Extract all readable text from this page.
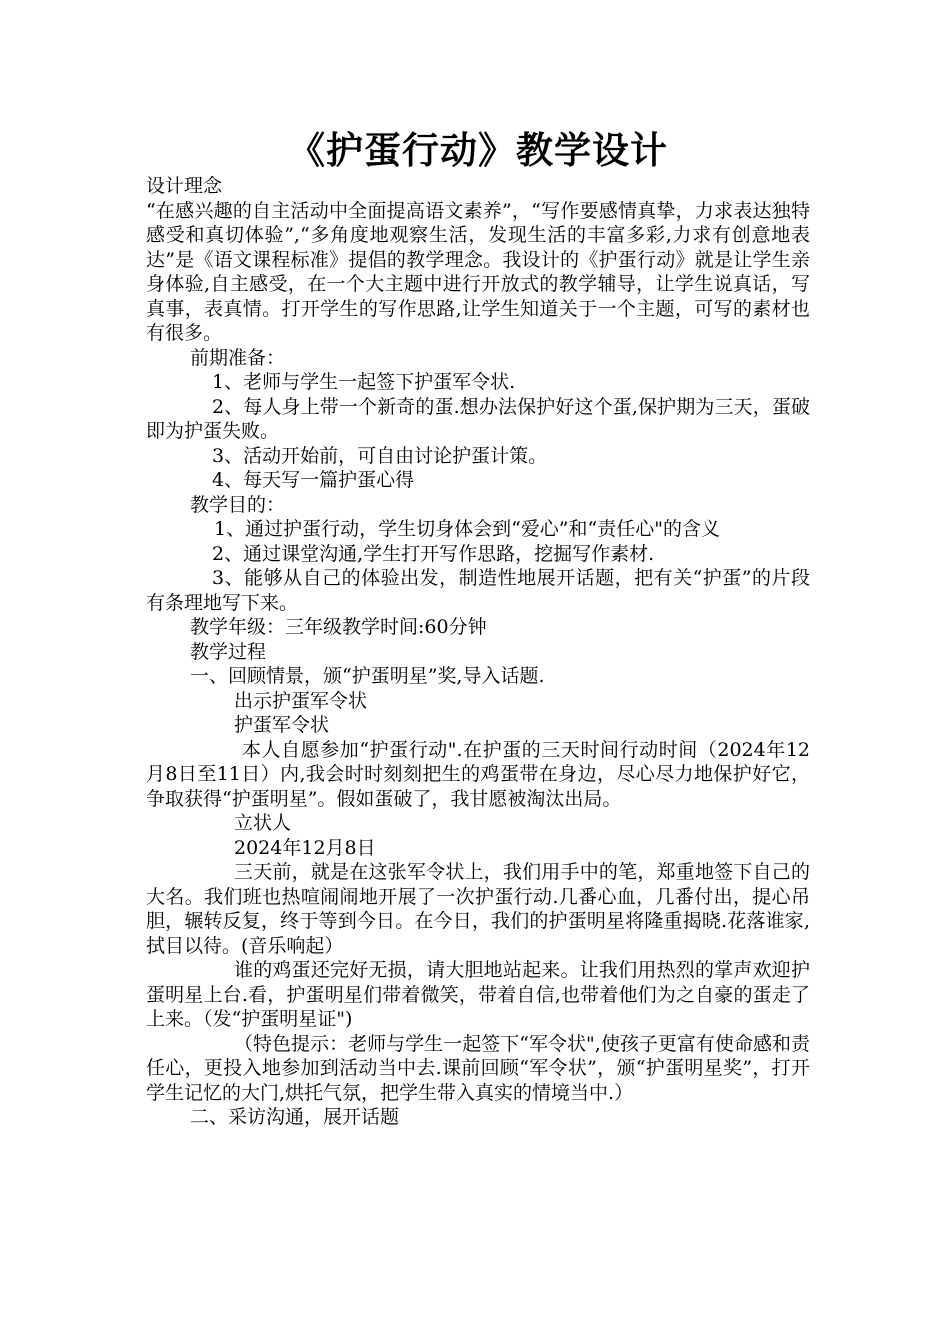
《护蛋行动》教学设计

设计理念

“在感兴趣的自主活动中全面提高语文素养”，“写作要感情真挚，力求表达独特感受和真切体验”,“多角度地观察生活，发现生活的丰富多彩,力求有创意地表达”是《语文课程标准》提倡的教学理念。我设计的《护蛋行动》就是让学生亲身体验,自主感受，在一个大主题中进行开放式的教学辅导，让学生说真话，写真事，表真情。打开学生的写作思路,让学生知道关于一个主题，可写的素材也有很多。

前期准备：

1、老师与学生一起签下护蛋军令状.

2、每人身上带一个新奇的蛋.想办法保护好这个蛋,保护期为三天，蛋破即为护蛋失败。

3、活动开始前，可自由讨论护蛋计策。

4、每天写一篇护蛋心得

教学目的：

1、通过护蛋行动，学生切身体会到“爱心”和“责任心"的含义

2、通过课堂沟通,学生打开写作思路，挖掘写作素材.

3、能够从自己的体验出发，制造性地展开话题，把有关“护蛋”的片段有条理地写下来。

教学年级：三年级教学时间:60分钟

教学过程

一、回顾情景，颁“护蛋明星”奖,导入话题.

出示护蛋军令状

护蛋军令状

本人自愿参加“护蛋行动".在护蛋的三天时间行动时间（2024年12月8日至11日）内,我会时时刻刻把生的鸡蛋带在身边，尽心尽力地保护好它，争取获得“护蛋明星”。假如蛋破了，我甘愿被淘汰出局。

立状人

2024年12月8日

三天前，就是在这张军令状上，我们用手中的笔，郑重地签下自己的大名。我们班也热喧闹闹地开展了一次护蛋行动.几番心血，几番付出，提心吊胆，辗转反复，终于等到今日。在今日，我们的护蛋明星将隆重揭晓.花落谁家,拭目以待。(音乐响起）

谁的鸡蛋还完好无损，请大胆地站起来。让我们用热烈的掌声欢迎护蛋明星上台.看，护蛋明星们带着微笑，带着自信,也带着他们为之自豪的蛋走了上来。（发“护蛋明星证")

（特色提示：老师与学生一起签下“军令状",使孩子更富有使命感和责任心，更投入地参加到活动当中去.课前回顾“军令状”，颁“护蛋明星奖”，打开学生记忆的大门,烘托气氛，把学生带入真实的情境当中.）

二、采访沟通，展开话题
